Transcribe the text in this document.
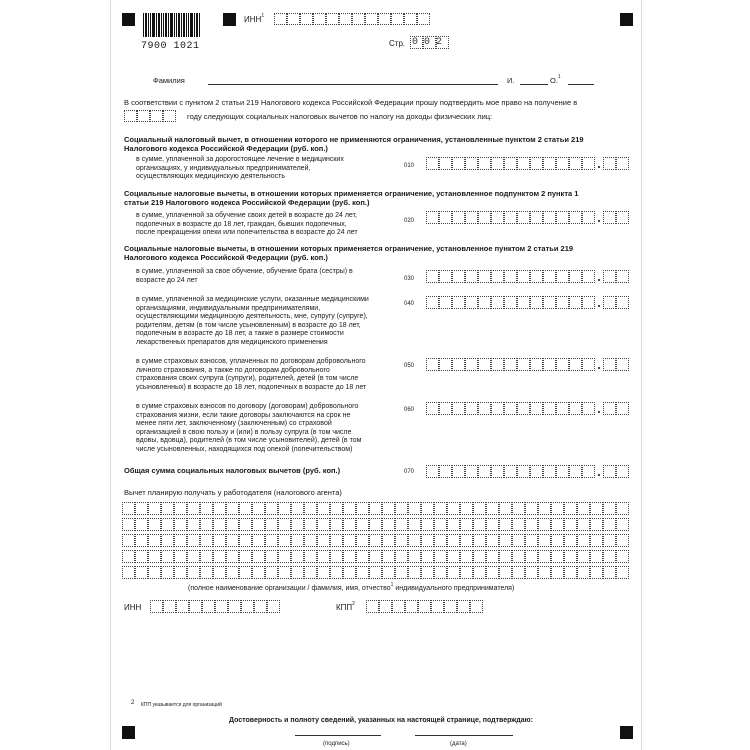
7900 1021
ИНН$^1$
Стр. 002
Фамилия	И.	О.$^1$
В соответствии с пунктом 2 статьи 219 Налогового кодекса Российской Федерации прошу подтвердить мое право на получение в
году следующих социальных налоговых вычетов по налогу на доходы физических лиц:
Социальный налоговый вычет, в отношении которого не применяются ограничения, установленные пунктом 2 статьи 219
Налогового кодекса Российской Федерации (руб. коп.)
в сумме, уплаченной за дорогостоящее лечение в медицинских
организациях, у индивидуальных предпринимателей,
осуществляющих медицинскую деятельность
010
Социальные налоговые вычеты, в отношении которых применяется ограничение, установленное подпунктом 2 пункта 1
статьи 219 Налогового кодекса Российской Федерации (руб. коп.)
в сумме, уплаченной за обучение своих детей в возрасте до 24 лет,
подопечных в возрасте до 18 лет, граждан, бывших подопечных,
после прекращения опеки или попечительства в возрасте до 24 лет
020
Социальные налоговые вычеты, в отношении которых применяется ограничение, установленное пунктом 2 статьи 219
Налогового кодекса Российской Федерации (руб. коп.)
в сумме, уплаченной за свое обучение, обучение брата (сестры) в
возрасте до 24 лет	030
в сумме, уплаченной за медицинские услуги, оказанные медицинскими
организациями, индивидуальными предпринимателями,
осуществляющими медицинскую деятельность, мне, супругу (супруге),
родителям, детям (в том числе усыновленным) в возрасте до 18 лет,
подопечным в возрасте до 18 лет, а также в размере стоимости
лекарственных препаратов для медицинского применения
040
в сумме страховых взносов, уплаченных по договорам добровольного
личного страхования, а также по договорам добровольного
страхования своих супруга (супруги), родителей, детей (в том числе
усыновленных) в возрасте до 18 лет, подопечных в возрасте до 18 лет
050
в сумме страховых взносов по договору (договорам) добровольного
страхования жизни, если такие договоры заключаются на срок не
менее пяти лет, заключенному (заключенным) со страховой
организацией в свою пользу и (или) в пользу супруга (в том числе
вдовы, вдовца), родителей (в том числе усыновителей), детей (в том
числе усыновленных, находящихся под опекой (попечительством)
060
Общая сумма социальных налоговых вычетов (руб. коп.)	070
Вычет планирую получать у работодателя (налогового агента)
(полное наименование организации / фамилия, имя, отчество$^1$ индивидуального предпринимателя)
ИНН	КПП$^2$
2 КПП указывается для организаций
Достоверность и полноту сведений, указанных на настоящей странице, подтверждаю:
(подпись)	(дата)
